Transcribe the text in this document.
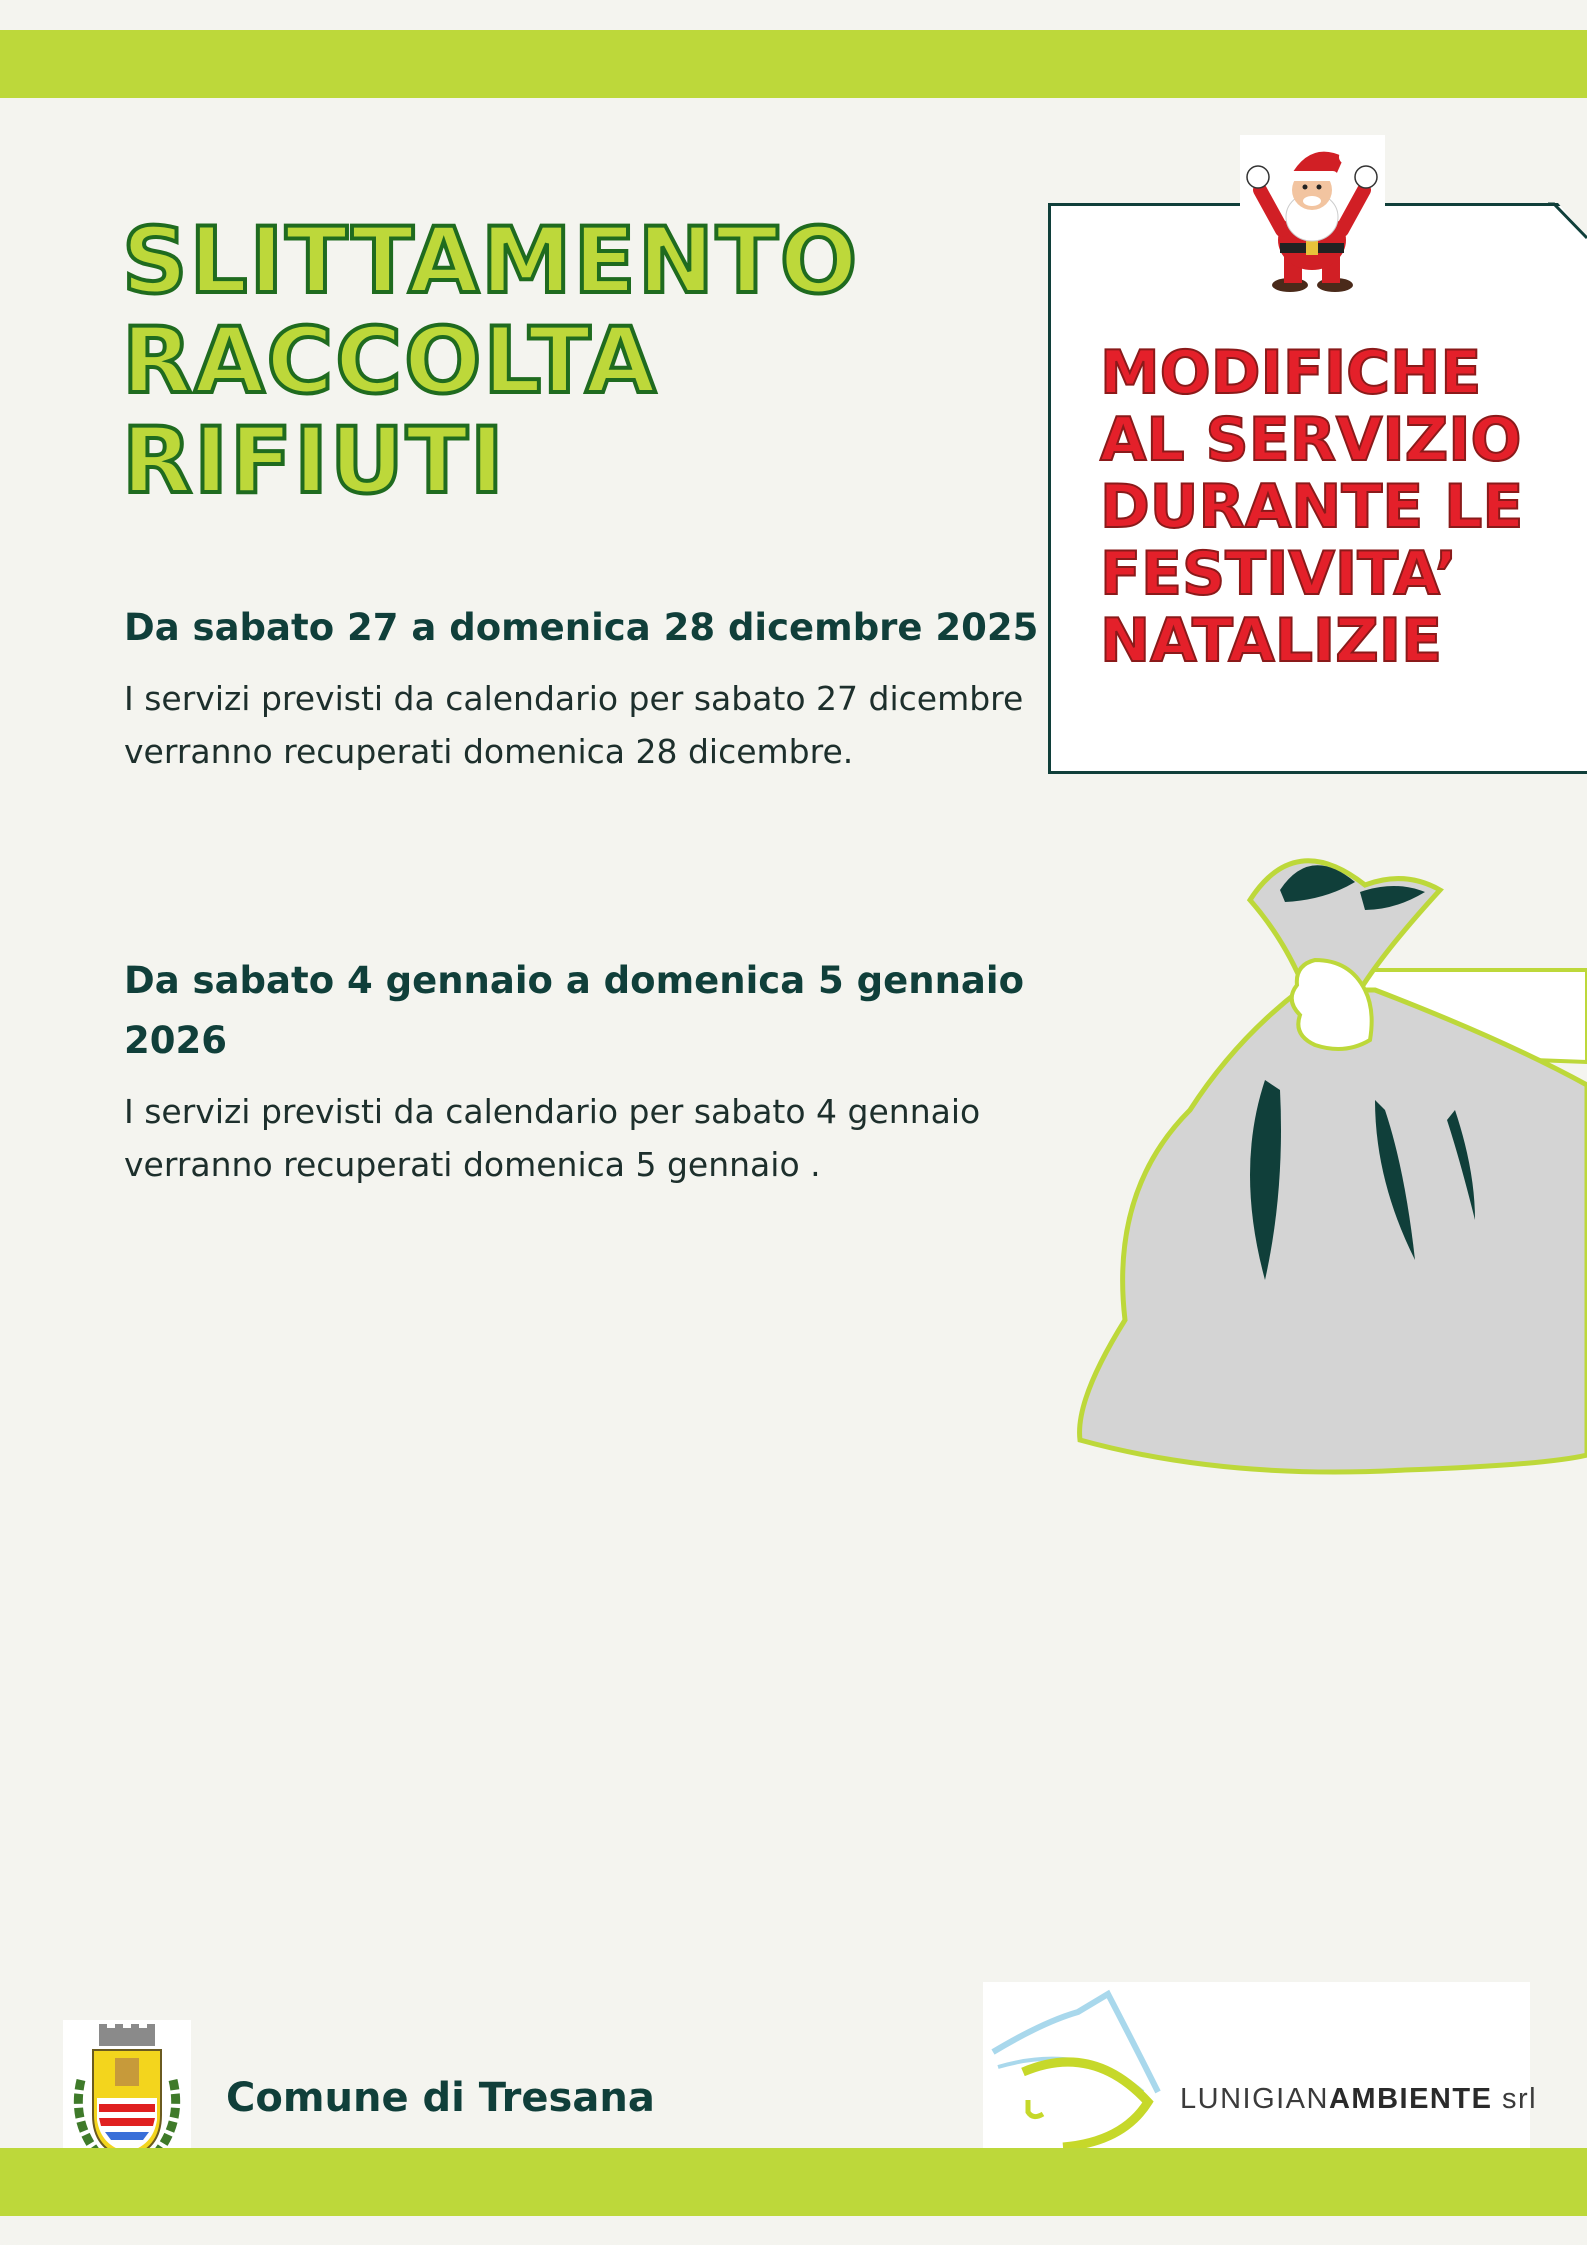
SLITTAMENTO
RACCOLTA
RIFIUTI
Da sabato 27 a domenica 28 dicembre 2025

I servizi previsti da calendario per sabato 27 dicembre verranno recuperati domenica 28 dicembre.

Da sabato 4 gennaio a domenica 5 gennaio 2026

I servizi previsti da calendario per sabato 4 gennaio verranno recuperati domenica 5 gennaio .

MODIFICHE
AL SERVIZIO
DURANTE LE
FESTIVITA’
NATALIZIE
Comune di Tresana	LUNIGIANAMBIENTE srl
